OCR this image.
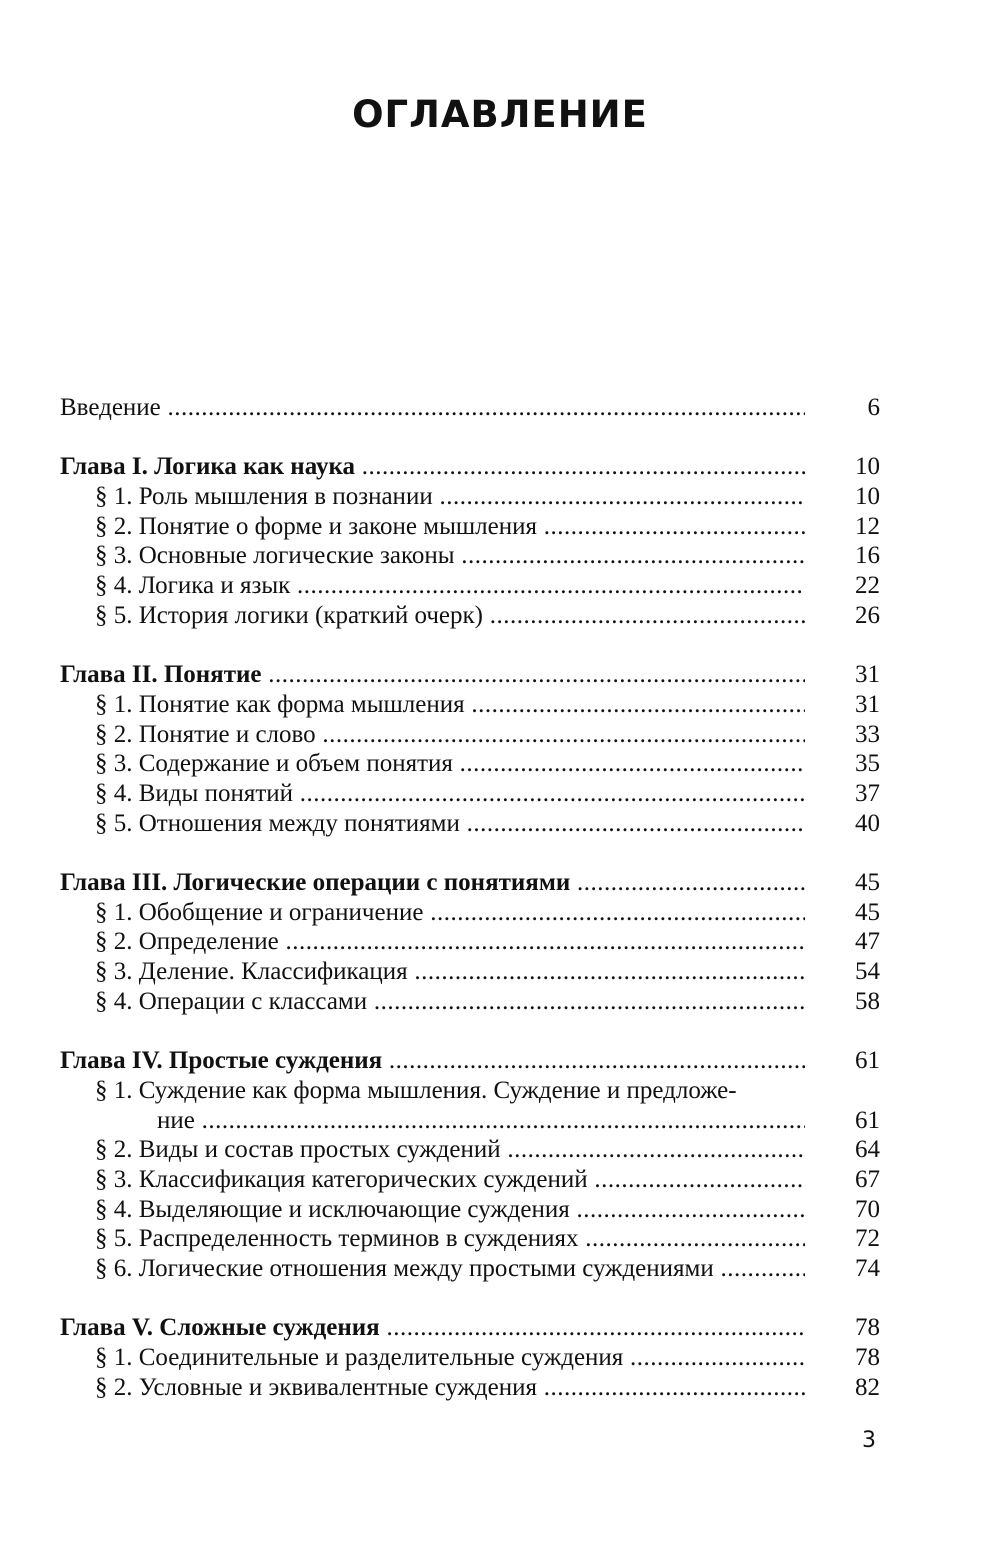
ОГЛАВЛЕНИЕ
Введение .....	6
Глава I. Логика как наука .....	10
§ 1. Роль мышления в познании .....	10
§ 2. Понятие о форме и законе мышления .....	12
§ 3. Основные логические законы .....	16
§ 4. Логика и язык .....	22
§ 5. История логики (краткий очерк) .....	26
Глава II. Понятие .....	31
§ 1. Понятие как форма мышления .....	31
§ 2. Понятие и слово .....	33
§ 3. Содержание и объем понятия .....	35
§ 4. Виды понятий .....	37
§ 5. Отношения между понятиями .....	40
Глава III. Логические операции с понятиями .....	45
§ 1. Обобщение и ограничение .....	45
§ 2. Определение .....	47
§ 3. Деление. Классификация .....	54
§ 4. Операции с классами .....	58
Глава IV. Простые суждения .....	61
§ 1. Суждение как форма мышления. Суждение и предложе-
ние .....	61
§ 2. Виды и состав простых суждений .....	64
§ 3. Классификация категорических суждений .....	67
§ 4. Выделяющие и исключающие суждения .....	70
§ 5. Распределенность терминов в суждениях .....	72
§ 6. Логические отношения между простыми суждениями .....	74
Глава V. Сложные суждения .....	78
§ 1. Соединительные и разделительные суждения .....	78
§ 2. Условные и эквивалентные суждения .....	82
3
